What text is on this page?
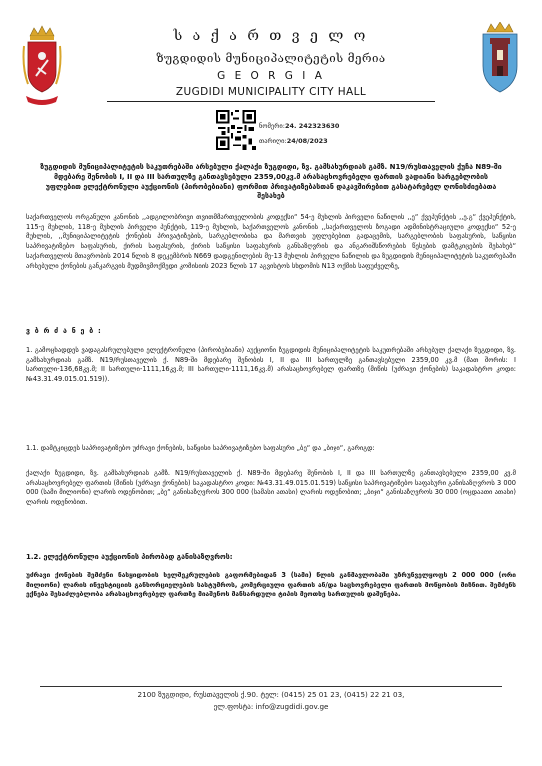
ს ა ქ ა რ თ ვ ე ლ ო
ზუგდიდის მუნიციპალიტეტის მერია
G E O R G I A
ZUGDIDI MUNICIPALITY CITY HALL
ნომერი:24. 242323630
თარიღი:24/08/2023
ზუგდიდის მუნიციპალიტეტის საკუთრებაში არსებული ქალაქი ზუგდიდი, ზვ. გამსახურდიას გამზ. N19/რუსთაველის ქუჩა N89-ში მდებარე შენობის I, II და III სართულზე განთავსებული 2359,00კვ.მ არასაცხოვრებელი ფართის ვადიანი სარგებლობის უფლებით ელექტრონული აუქციონის (პირობებიანი) ფორმით პრივატიზებასთან დაკავშირებით გასატარებელ ღონისძიებათა შესახებ
საქართველოს ორგანული კანონის ,,ადგილობრივი თვითმმართველობის კოდექსი“ 54-ე მუხლის პირველი ნაწილის ,,ე“ ქვეპუნქტის ,,ე.გ“ ქვეპუნქტის, 115-ე მუხლის, 118-ე მუხლის პირველი პუნქტის, 119-ე მუხლის, საქართველოს კანონის ,,საქართველოს ზოგადი ადმინისტრაციული კოდექსი“ 52-ე მუხლის, ,,მუნიციპალიტეტის ქონების პრივატიზების, სარგებლობისა და მართვის უფლებებით გადაცემის, სარგებლობის საფასურის, საწყისი საპრივატიზებო საფასურის, ქირის საფასურის, ქირის საწყისი საფასურის განსაზღვრის და ანგარიშსწორების წესების დამტკიცების შესახებ“ საქართველოს მთავრობის 2014 წლის 8 დეკემბრის N669 დადგენილების მე-13 მუხლის პირველი ნაწილის და ზუგდიდის მუნიციპალიტეტის საკუთრებაში არსებული ქონების განკარგვის მუდმივმოქმედი კომისიის 2023 წლის 17 აგვისტოს სხდომის N13 ოქმის საფუძველზე,
ვ ბ რ ძ ა ნ ე ბ :
1. გამოცხადდეს ვადაგასრულებული ელექტრონული (პირობებიანი) აუქციონი ზუგდიდის მუნიციპალიტეტის საკუთრებაში არსებულ ქალაქი ზუგდიდი, ზვ. გამსახურდიას გამზ. N19/რუსთაველის ქ. N89-ში მდებარე შენობის I, II და III სართულზე განთავსებული 2359,00 კვ.მ (მათ შორის: I სართული-136,68კვ.მ; II სართული-1111,16კვ.მ; III სართული-1111,16კვ.მ) არასაცხოვრებელ ფართზე (მიწის (უძრავი ქონების) საკადასტრო კოდი: №43.31.49.015.01.519)).
1.1. დამტკიცდეს საპრივატიზებო უძრავი ქონების, საწყისი საპრივატიზებო საფასური „ბე“ და „ბიჯი“, გარიგდ:
ქალაქი ზუგდიდი, ზვ. გამსახურდიას გამზ. N19/რუსთაველის ქ. N89-ში მდებარე შენობის I, II და III სართულზე განთავსებული 2359,00 კვ.მ არასაცხოვრებელ ფართის (მიწის (უძრავი ქონების) საკადასტრო კოდი: №43.31.49.015.01.519) საწყისი საპრივატიზებო საფასური განისაზღვროს 3 000 000 (სამი მილიონი) ლარის ოდენობით; „ბე“ განისაზღვროს 300 000 (სამასი ათასი) ლარის ოდენობით; „ბიჯი“ განისაზღვროს 30 000 (ოცდაათი ათასი) ლარის ოდენობით.
1.2. ელექტრონული აუქციონის პირობად განისაზღვროს:
უძრავი ქონების შემძენი ნასყიდობის ხელშეკრულების გაფორმებიდან 3 (სამი) წლის განმავლობაში უზრუნველყოფს 2 000 000 (ორი მილიონი) ლარის ინვესტიციის განხორციელების სასტუმროს, კომერციული ფართის ან/და საცხოვრებელი ფართის მოწყობის მიზნით. შემძენს ექნება შესაძლებლობა არასაცხოვრებელ ფართზე მიაშენოს მანსარდული ტიპის მეოთხე სართულის დაშენება.
2100 ზუგდიდი, რუსთაველის ქ.90. ტელ: (0415) 25 01 23, (0415) 22 21 03,
ელ.ფოსტა: info@zugdidi.gov.ge
